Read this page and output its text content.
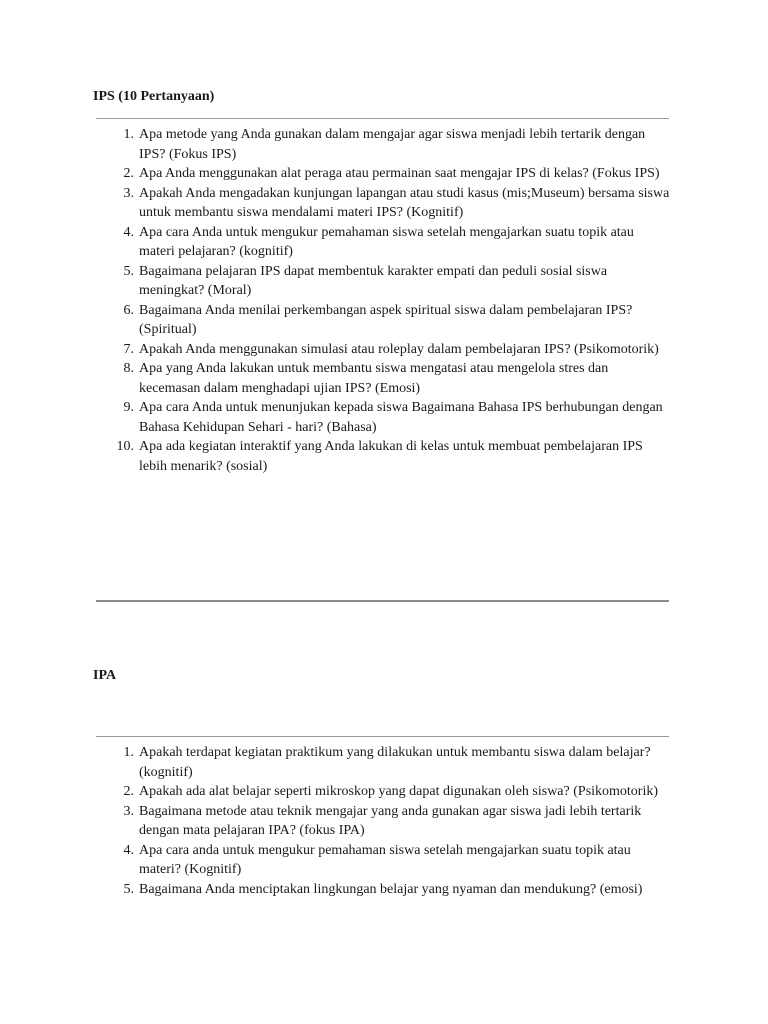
IPS (10 Pertanyaan)
1. Apa metode yang Anda gunakan dalam mengajar agar siswa menjadi lebih tertarik dengan IPS? (Fokus IPS)
2. Apa Anda menggunakan alat peraga atau permainan saat mengajar IPS di kelas? (Fokus IPS)
3. Apakah Anda mengadakan kunjungan lapangan atau studi kasus (mis;Museum) bersama siswa untuk membantu siswa mendalami materi IPS? (Kognitif)
4. Apa cara Anda untuk mengukur pemahaman siswa setelah mengajarkan suatu topik atau materi pelajaran? (kognitif)
5. Bagaimana pelajaran IPS dapat membentuk karakter empati dan peduli sosial siswa meningkat? (Moral)
6. Bagaimana Anda menilai perkembangan aspek spiritual siswa dalam pembelajaran IPS? (Spiritual)
7. Apakah Anda menggunakan simulasi atau roleplay dalam pembelajaran IPS? (Psikomotorik)
8. Apa yang Anda lakukan untuk membantu siswa mengatasi atau mengelola stres dan kecemasan dalam menghadapi ujian IPS? (Emosi)
9. Apa cara Anda untuk menunjukan kepada siswa Bagaimana Bahasa IPS berhubungan dengan Bahasa Kehidupan Sehari - hari? (Bahasa)
10. Apa ada kegiatan interaktif yang Anda lakukan di kelas untuk membuat pembelajaran IPS lebih menarik? (sosial)
IPA
1. Apakah terdapat kegiatan praktikum yang dilakukan untuk membantu siswa dalam belajar? (kognitif)
2. Apakah ada alat belajar seperti mikroskop yang dapat digunakan oleh siswa? (Psikomotorik)
3. Bagaimana metode atau teknik mengajar yang anda gunakan agar siswa jadi lebih tertarik dengan mata pelajaran IPA? (fokus IPA)
4. Apa cara anda untuk mengukur pemahaman siswa setelah mengajarkan suatu topik atau materi? (Kognitif)
5. Bagaimana Anda menciptakan lingkungan belajar yang nyaman dan mendukung? (emosi)
